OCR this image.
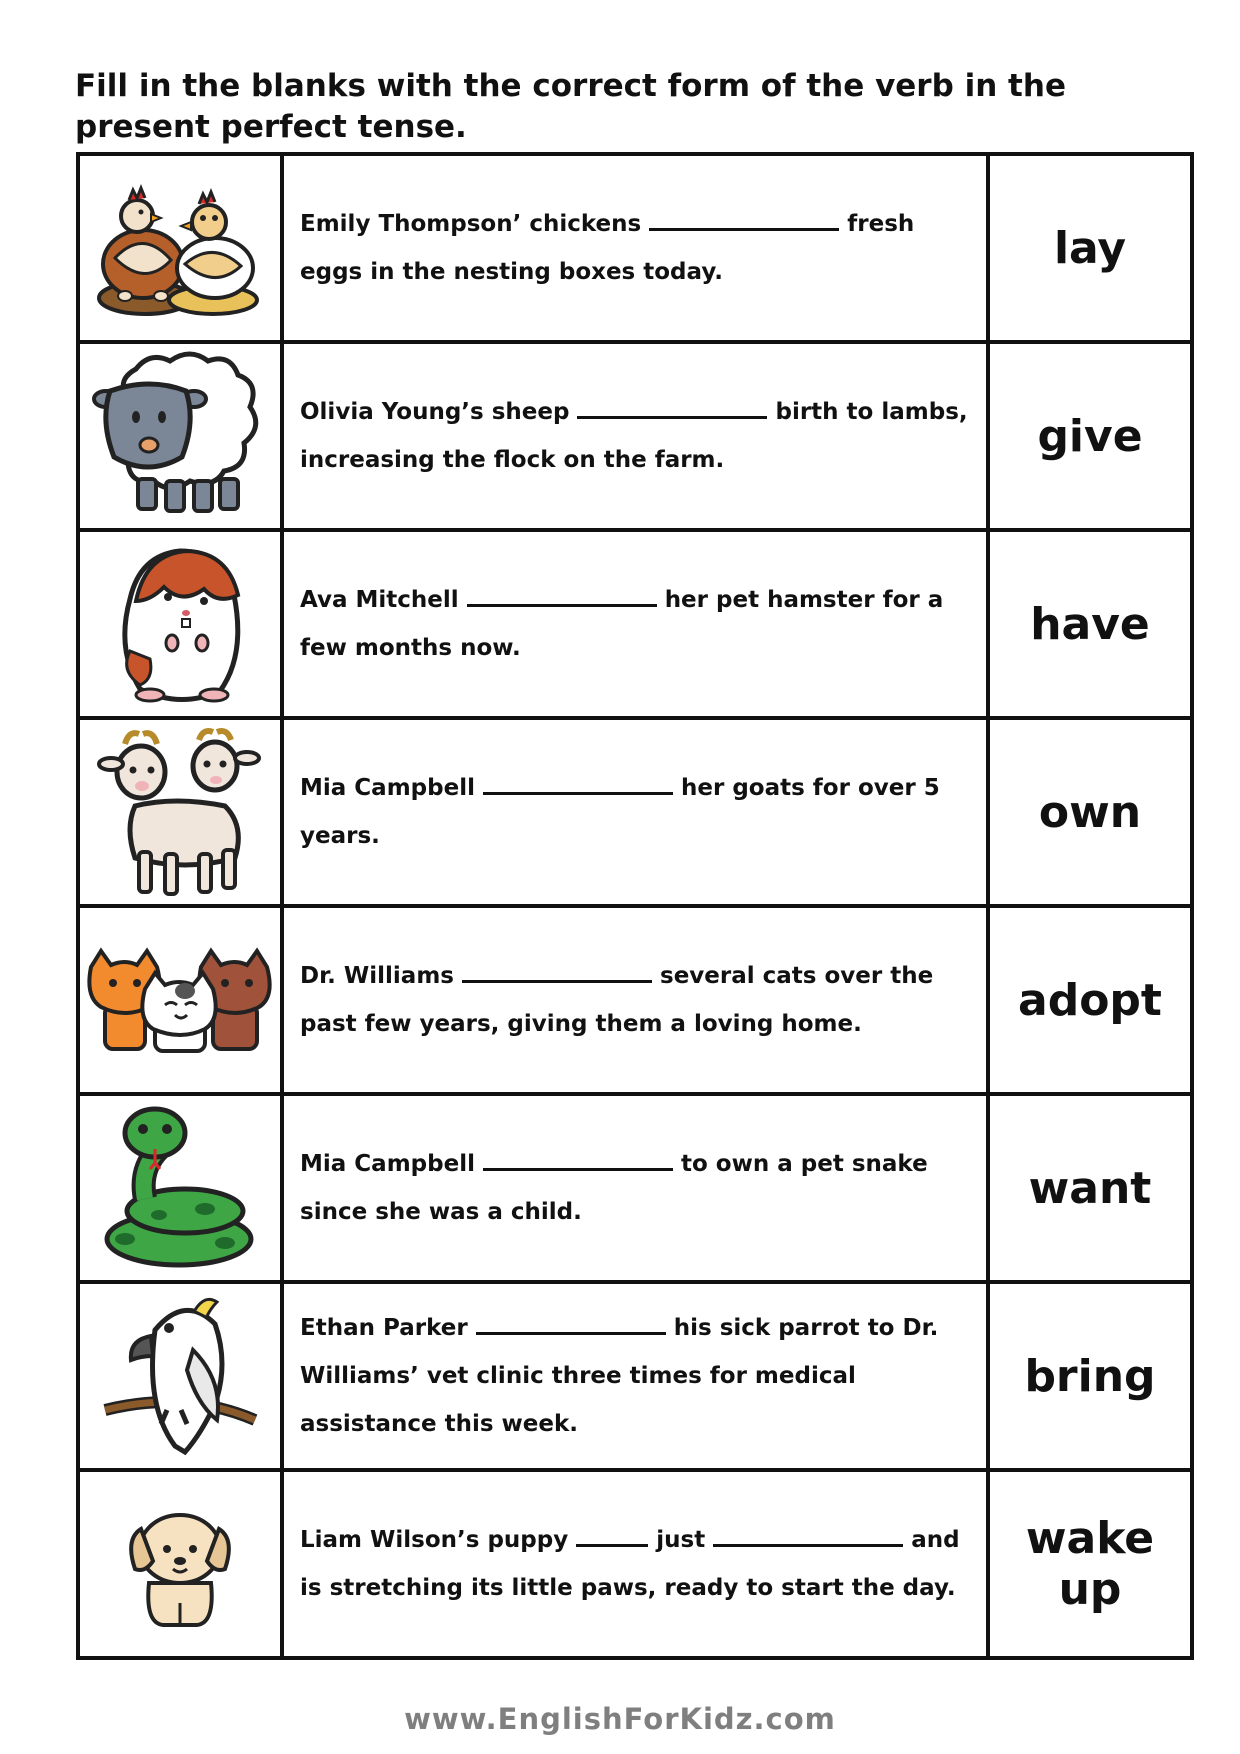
Fill in the blanks with the correct form of the verb in the present perfect tense.

Emily Thompson’ chickens fresh eggs in the nesting boxes today.	lay

Olivia Young’s sheep birth to lambs, increasing the flock on the farm.	give

Ava Mitchell her pet hamster for a few months now.	have

Mia Campbell her goats for over 5 years.	own

Dr. Williams several cats over the past few years, giving them a loving home.	adopt

Mia Campbell to own a pet snake since she was a child.	want

Ethan Parker his sick parrot to Dr. Williams’ vet clinic three times for medical assistance this week.	bring

Liam Wilson’s puppy just and is stretching its little paws, ready to start the day.	wake up
www.EnglishForKidz.com
